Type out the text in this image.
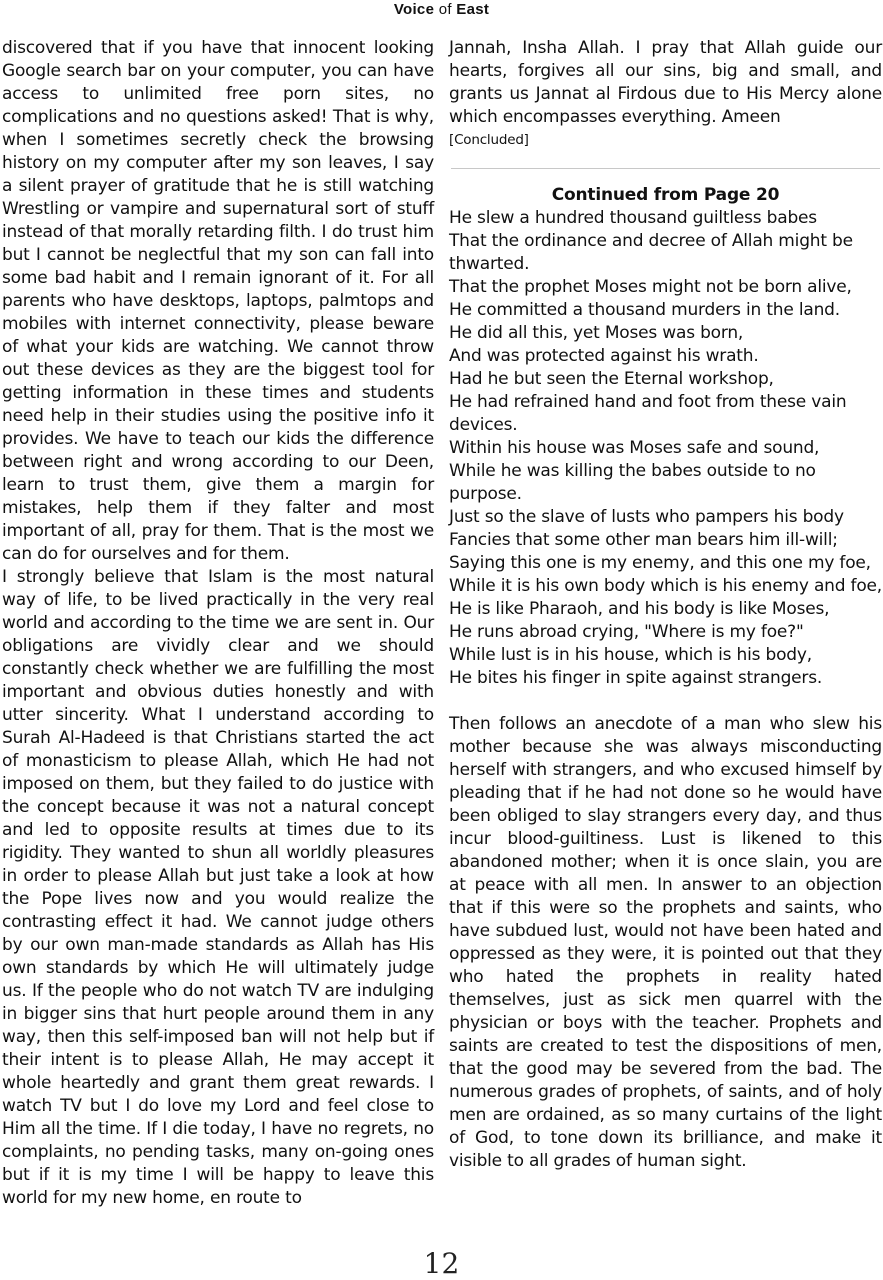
Voice of East

discovered that if you have that innocent looking Google search bar on your computer, you can have access to unlimited free porn sites, no complications and no questions asked! That is why, when I sometimes secretly check the browsing history on my computer after my son leaves, I say a silent prayer of gratitude that he is still watching Wrestling or vampire and supernatural sort of stuff instead of that morally retarding filth. I do trust him but I cannot be neglectful that my son can fall into some bad habit and I remain ignorant of it. For all parents who have desktops, laptops, palmtops and mobiles with internet connectivity, please beware of what your kids are watching. We cannot throw out these devices as they are the biggest tool for getting information in these times and students need help in their studies using the positive info it provides. We have to teach our kids the difference between right and wrong according to our Deen, learn to trust them, give them a margin for mistakes, help them if they falter and most important of all, pray for them. That is the most we can do for ourselves and for them.

I strongly believe that Islam is the most natural way of life, to be lived practically in the very real world and according to the time we are sent in. Our obligations are vividly clear and we should constantly check whether we are fulfilling the most important and obvious duties honestly and with utter sincerity. What I understand according to Surah Al-Hadeed is that Christians started the act of monasticism to please Allah, which He had not imposed on them, but they failed to do justice with the concept because it was not a natural concept and led to opposite results at times due to its rigidity. They wanted to shun all worldly pleasures in order to please Allah but just take a look at how the Pope lives now and you would realize the contrasting effect it had. We cannot judge others by our own man-made standards as Allah has His own standards by which He will ultimately judge us. If the people who do not watch TV are indulging in bigger sins that hurt people around them in any way, then this self-imposed ban will not help but if their intent is to please Allah, He may accept it whole heartedly and grant them great rewards. I watch TV but I do love my Lord and feel close to Him all the time. If I die today, I have no regrets, no complaints, no pending tasks, many on-going ones but if it is my time I will be happy to leave this world for my new home, en route to

Jannah, Insha Allah. I pray that Allah guide our hearts, forgives all our sins, big and small, and grants us Jannat al Firdous due to His Mercy alone which encompasses everything. Ameen

[Concluded]

Continued from Page 20

He slew a hundred thousand guiltless babes

That the ordinance and decree of Allah might be thwarted.

That the prophet Moses might not be born alive,

He committed a thousand murders in the land.

He did all this, yet Moses was born,

And was protected against his wrath.

Had he but seen the Eternal workshop,

He had refrained hand and foot from these vain devices.

Within his house was Moses safe and sound,

While he was killing the babes outside to no purpose.

Just so the slave of lusts who pampers his body

Fancies that some other man bears him ill-will;

Saying this one is my enemy, and this one my foe,

While it is his own body which is his enemy and foe,

He is like Pharaoh, and his body is like Moses,

He runs abroad crying, "Where is my foe?"

While lust is in his house, which is his body,

He bites his finger in spite against strangers.

Then follows an anecdote of a man who slew his mother because she was always misconducting herself with strangers, and who excused himself by pleading that if he had not done so he would have been obliged to slay strangers every day, and thus incur blood-guiltiness. Lust is likened to this abandoned mother; when it is once slain, you are at peace with all men. In answer to an objection that if this were so the prophets and saints, who have subdued lust, would not have been hated and oppressed as they were, it is pointed out that they who hated the prophets in reality hated themselves, just as sick men quarrel with the physician or boys with the teacher. Prophets and saints are created to test the dispositions of men, that the good may be severed from the bad. The numerous grades of prophets, of saints, and of holy men are ordained, as so many curtains of the light of God, to tone down its brilliance, and make it visible to all grades of human sight.

12
